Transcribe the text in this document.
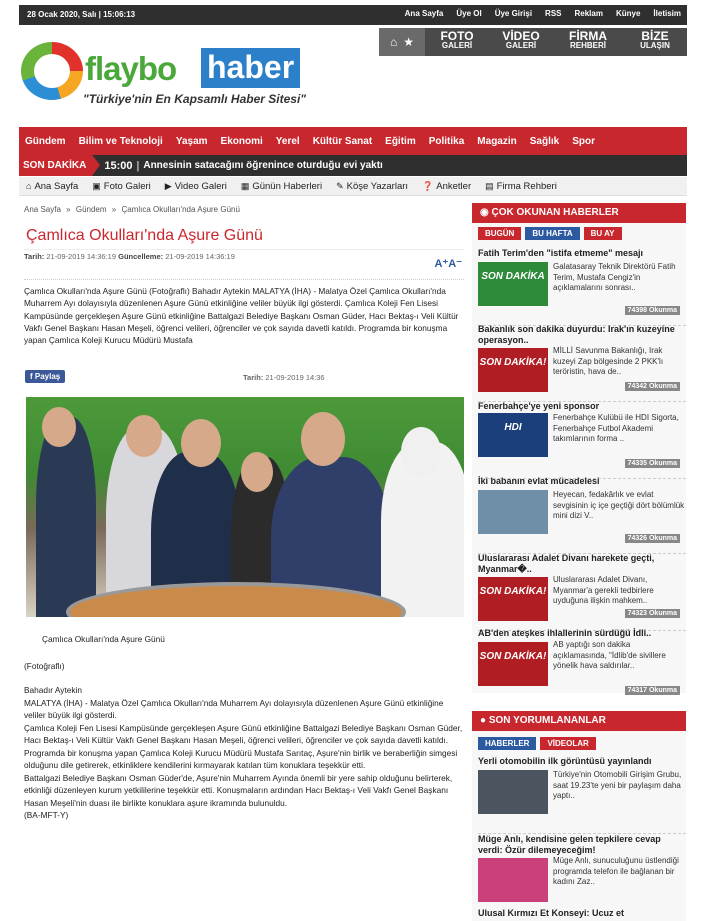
28 Ocak 2020, Salı | 15:06:13	Ana Sayfa Üye Ol Üye Girişi RSS Reklam Künye İletisim
flaybo haber
"Türkiye'nin En Kapsamlı Haber Sitesi"
⌂ ★	FOTO
GALERİ
VİDEO
GALERİ
FİRMA
REHBERİ
BİZE
ULAŞIN
Gündem Bilim ve Teknoloji Yaşam Ekonomi Yerel Kültür Sanat Eğitim Politika Magazin Sağlık Spor
SON DAKİKA	15:00 | Annesinin satacağını öğrenince oturduğu evi yaktı
⌂ Ana Sayfa ▣ Foto Galeri ▶ Video Galeri ▦ Günün Haberleri ✎ Köşe Yazarları ❓ Anketler ▤ Firma Rehberi
Ana Sayfa » Gündem » Çamlıca Okulları'nda Aşure Günü
Çamlıca Okulları'nda Aşure Günü
Tarih: 21-09-2019 14:36:19 Güncelleme: 21-09-2019 14:36:19
A⁺A⁻
Çamlıca Okulları'nda Aşure Günü (Fotoğraflı) Bahadır Aytekin MALATYA (İHA) - Malatya Özel Çamlıca Okulları'nda Muharrem Ayı dolayısıyla düzenlenen Aşure Günü etkinliğine veliler büyük ilgi gösterdi. Çamlıca Koleji Fen Lisesi Kampüsünde gerçekleşen Aşure Günü etkinliğine Battalgazi Belediye Başkanı Osman Güder, Hacı Bektaş-ı Veli Kültür Vakfı Genel Başkanı Hasan Meşeli, öğrenci velileri, öğrenciler ve çok sayıda davetli katıldı. Programda bir konuşma yapan Çamlıca Koleji Kurucu Müdürü Mustafa
f Paylaş	Tarih: 21-09-2019 14:36

Çamlıca Okulları'nda Aşure Günü

(Fotoğraflı)

Bahadır Aytekin

MALATYA (İHA) - Malatya Özel Çamlıca Okulları'nda Muharrem Ayı dolayısıyla düzenlenen Aşure Günü etkinliğine veliler büyük ilgi gösterdi.

Çamlıca Koleji Fen Lisesi Kampüsünde gerçekleşen Aşure Günü etkinliğine Battalgazi Belediye Başkanı Osman Güder, Hacı Bektaş-ı Veli Kültür Vakfı Genel Başkanı Hasan Meşeli, öğrenci velileri, öğrenciler ve çok sayıda davetli katıldı.

Programda bir konuşma yapan Çamlıca Koleji Kurucu Müdürü Mustafa Sarıtaç, Aşure'nin birlik ve beraberliğin simgesi olduğunu dile getirerek, etkinliklere kendilerini kırmayarak katılan tüm konuklara teşekkür etti.

Battalgazi Belediye Başkanı Osman Güder'de, Aşure'nin Muharrem Ayında önemli bir yere sahip olduğunu belirterek, etkinliği düzenleyen kurum yetkililerine teşekkür etti. Konuşmaların ardından Hacı Bektaş-ı Veli Vakfı Genel Başkanı Hasan Meşeli'nin duası ile birlikte konuklara aşure ikramında bulunuldu.

(BA-MFT-Y)

◉ ÇOK OKUNAN HABERLER
BUGÜN	BU HAFTA	BU AY
Fatih Terim'den "istifa etmeme" mesajı
SON DAKİKA
Galatasaray Teknik Direktörü Fatih Terim, Mustafa Cengiz'in açıklamalarını sonrası..
74398 Okunma
Bakanlık son dakika duyurdu: Irak'ın kuzeyine operasyon..
SON DAKİKA!
MİLLİ Savunma Bakanlığı, Irak kuzeyi Zap bölgesinde 2 PKK'lı teröristin, hava de..
74342 Okunma
Fenerbahçe'ye yeni sponsor
HDI
Fenerbahçe Kulübü ile HDI Sigorta, Fenerbahçe Futbol Akademi takımlarının forma ..
74335 Okunma
İki babanın evlat mücadelesi
Heyecan, fedakârlık ve evlat sevgisinin iç içe geçtiği dört bölümlük mini dizi V..
74326 Okunma
Uluslararası Adalet Divanı harekete geçti, Myanmar�..
SON DAKİKA!
Uluslararası Adalet Divanı, Myanmar'a gerekli tedbirlere uyduğuna ilişkin mahkem..
74323 Okunma
AB'den ateşkes ihlallerinin sürdüğü İdli..
SON DAKİKA!
AB yaptığı son dakika açıklamasında, "İdlib'de sivillere yönelik hava saldırılar..
74317 Okunma
● SON YORUMLANANLAR
HABERLER	VİDEOLAR
Yerli otomobilin ilk görüntüsü yayınlandı
Türkiye'nin Otomobili Girişim Grubu, saat 19.23'te yeni bir paylaşım daha yaptı..
Müge Anlı, kendisine gelen tepkilere cevap verdi: Özür dilemeyeceğim!
Müge Anlı, sunuculuğunu üstlendiği programda telefon ile bağlanan bir kadını Zaz..
Ulusal Kırmızı Et Konseyi: Ucuz et
